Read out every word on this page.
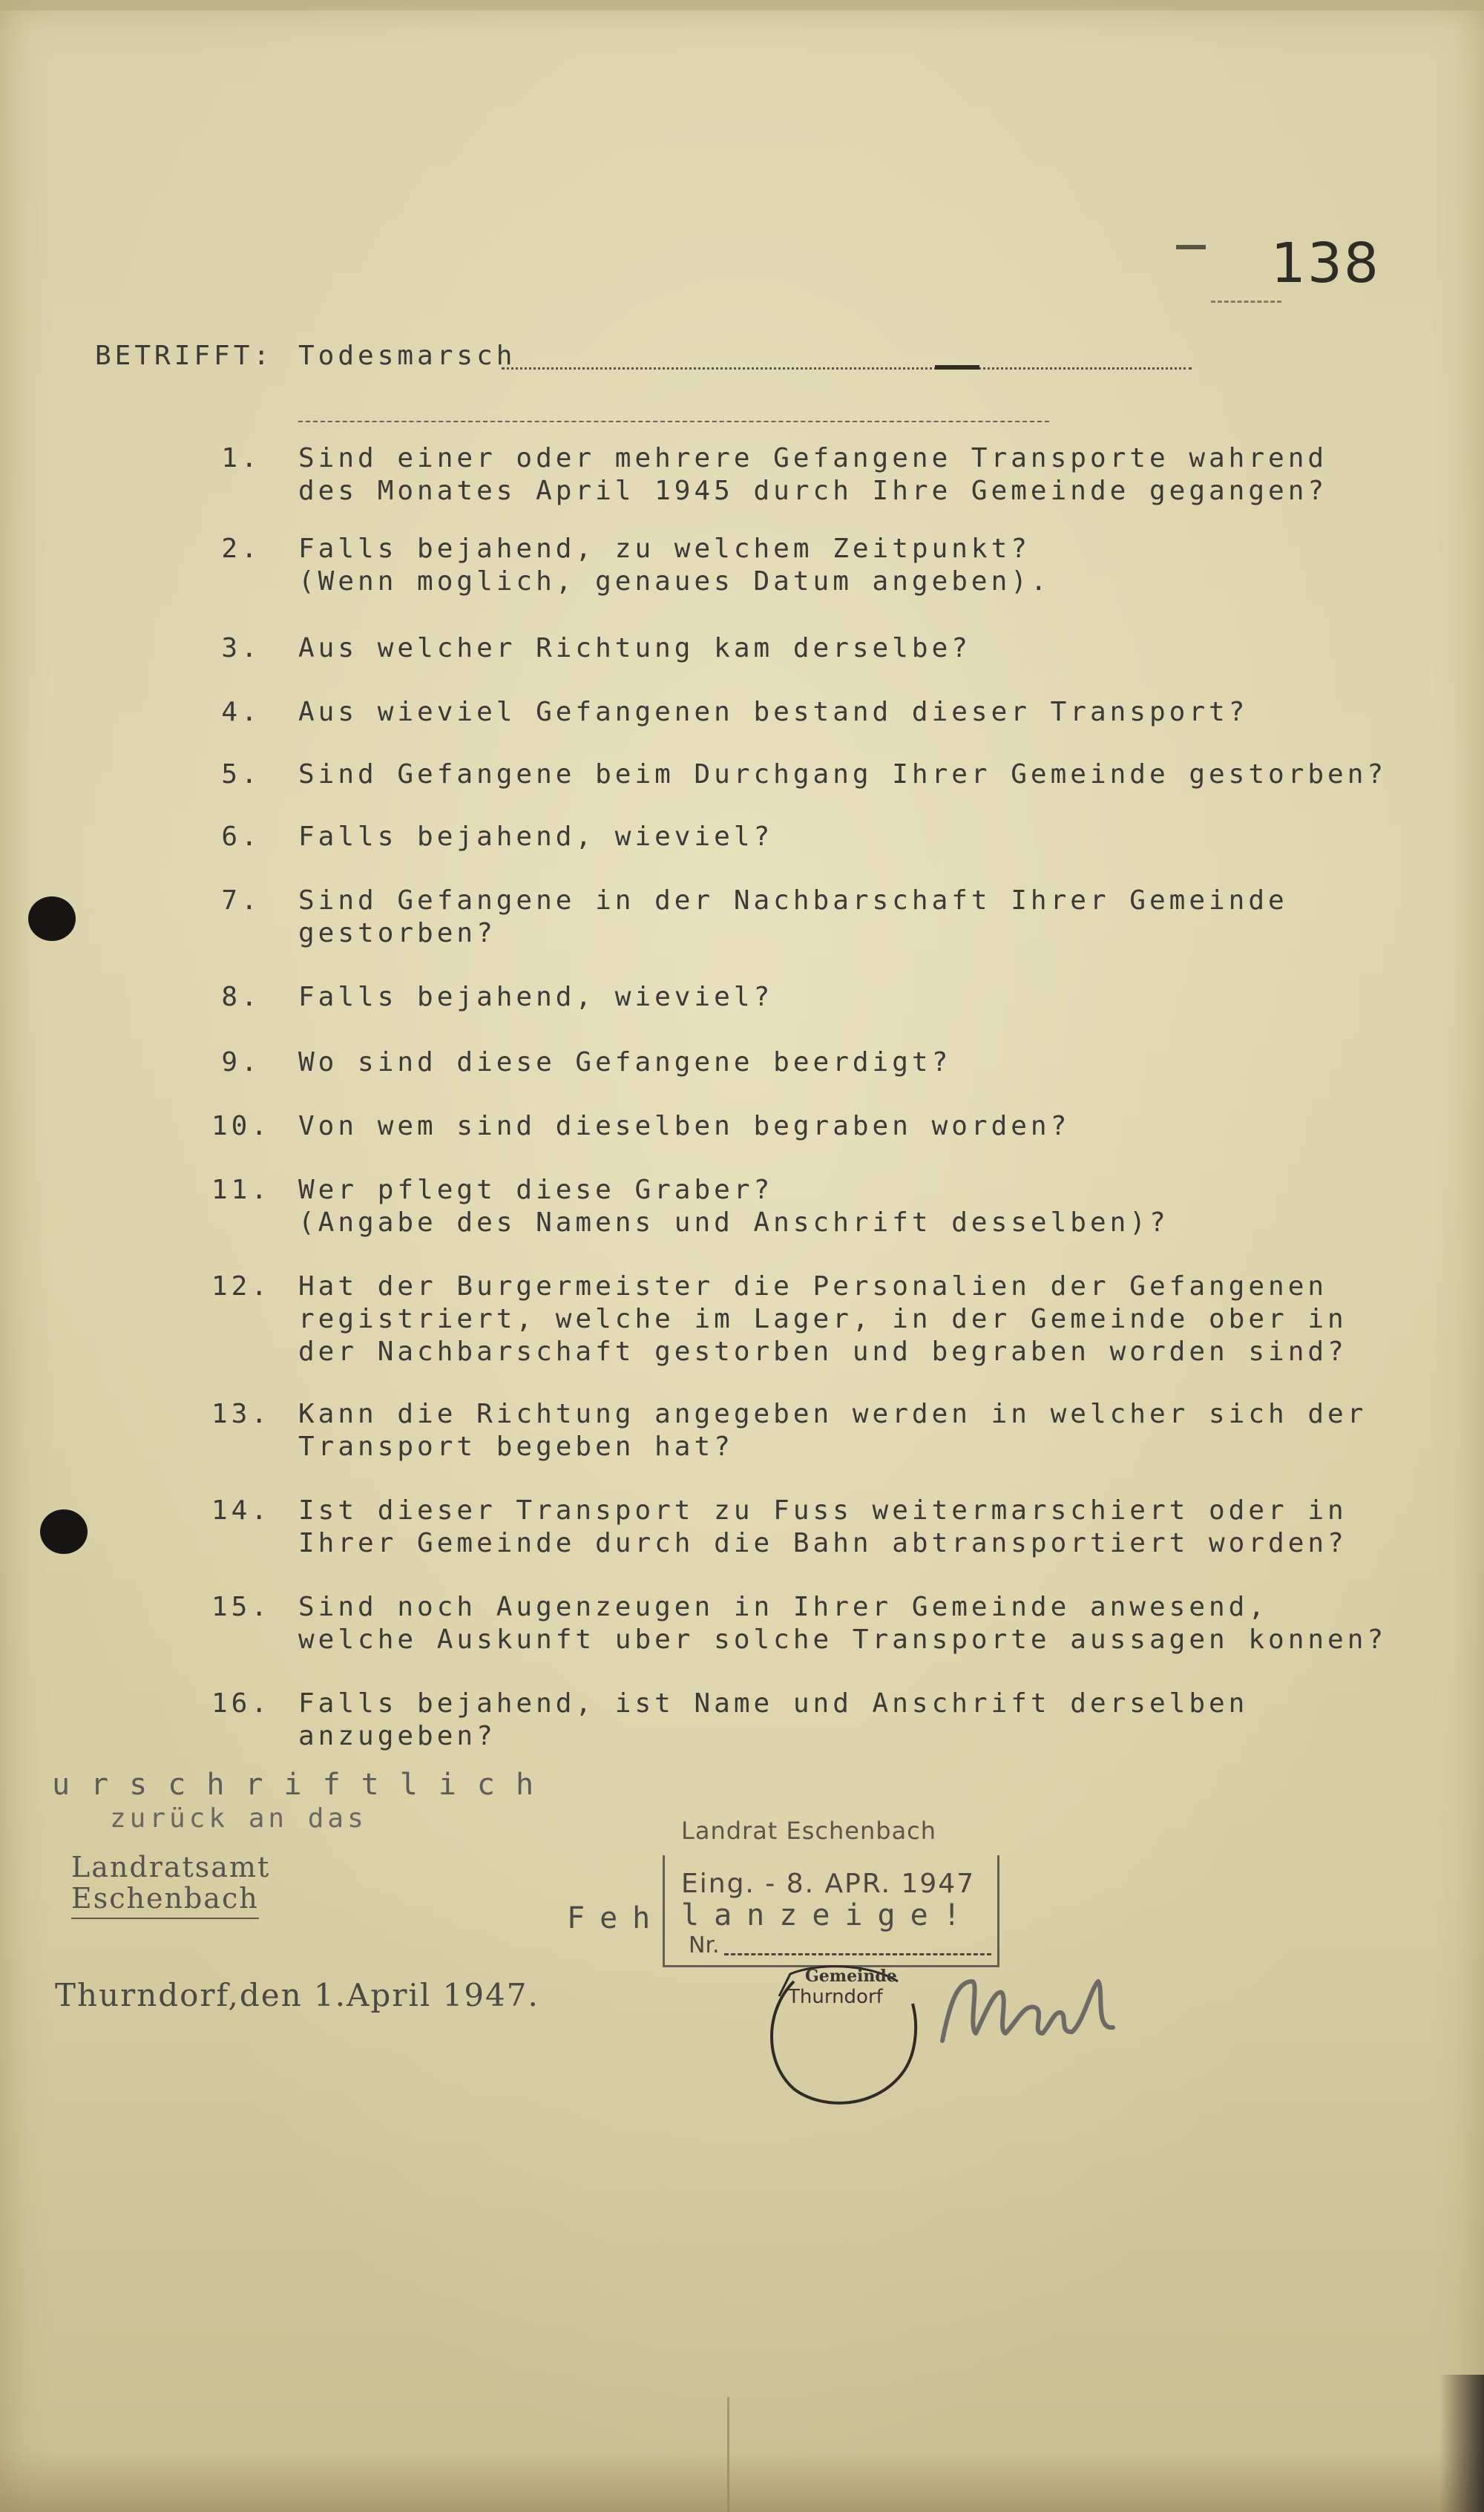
138
BETRIFFT: Todesmarsch
1.	Sind einer oder mehrere Gefangene Transporte wahrend
des Monates April 1945 durch Ihre Gemeinde gegangen?
2.	Falls bejahend, zu welchem Zeitpunkt?
(Wenn moglich, genaues Datum angeben).
3.	Aus welcher Richtung kam derselbe?
4.	Aus wieviel Gefangenen bestand dieser Transport?
5.	Sind Gefangene beim Durchgang Ihrer Gemeinde gestorben?
6.	Falls bejahend, wieviel?
7.	Sind Gefangene in der Nachbarschaft Ihrer Gemeinde
gestorben?
8.	Falls bejahend, wieviel?
9.	Wo sind diese Gefangene beerdigt?
10.	Von wem sind dieselben begraben worden?
11.	Wer pflegt diese Graber?
(Angabe des Namens und Anschrift desselben)?
12.	Hat der Burgermeister die Personalien der Gefangenen
registriert, welche im Lager, in der Gemeinde ober in
der Nachbarschaft gestorben und begraben worden sind?
13.	Kann die Richtung angegeben werden in welcher sich der
Transport begeben hat?
14.	Ist dieser Transport zu Fuss weitermarschiert oder in
Ihrer Gemeinde durch die Bahn abtransportiert worden?
15.	Sind noch Augenzeugen in Ihrer Gemeinde anwesend,
welche Auskunft uber solche Transporte aussagen konnen?
16.	Falls bejahend, ist Name und Anschrift derselben
anzugeben?
urschriftlich
zurück an das
Landratsamt
Eschenbach
Thurndorf,den 1.April 1947.
Landrat Eschenbach
Eing. - 8. APR. 1947
Feh lanzeige!
Nr.
Gemeinde
Thurndorf
